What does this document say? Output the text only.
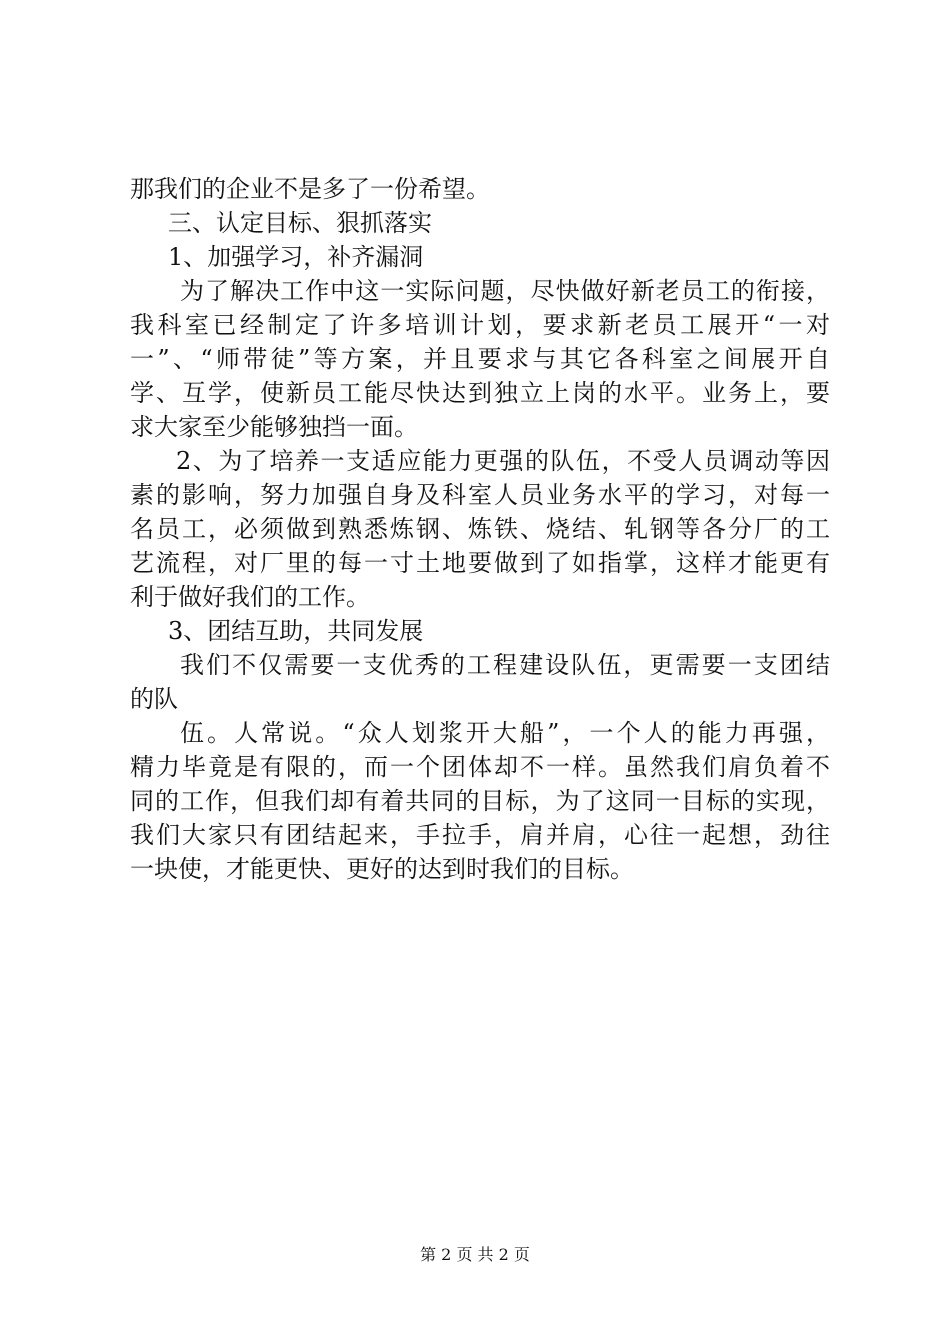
那我们的企业不是多了一份希望。
三、认定目标、狠抓落实
1、加强学习，补齐漏洞
为了解决工作中这一实际问题，尽快做好新老员工的衔接，
我科室已经制定了许多培训计划，要求新老员工展开“一对
一”、“师带徒”等方案，并且要求与其它各科室之间展开自
学、互学，使新员工能尽快达到独立上岗的水平。业务上，要
求大家至少能够独挡一面。
2、为了培养一支适应能力更强的队伍，不受人员调动等因
素的影响，努力加强自身及科室人员业务水平的学习，对每一
名员工，必须做到熟悉炼钢、炼铁、烧结、轧钢等各分厂的工
艺流程，对厂里的每一寸土地要做到了如指掌，这样才能更有
利于做好我们的工作。
3、团结互助，共同发展
我们不仅需要一支优秀的工程建设队伍，更需要一支团结
的队
伍。人常说。“众人划浆开大船”，一个人的能力再强，
精力毕竟是有限的，而一个团体却不一样。虽然我们肩负着不
同的工作，但我们却有着共同的目标，为了这同一目标的实现，
我们大家只有团结起来，手拉手，肩并肩，心往一起想，劲往
一块使，才能更快、更好的达到时我们的目标。
第 2 页 共 2 页
